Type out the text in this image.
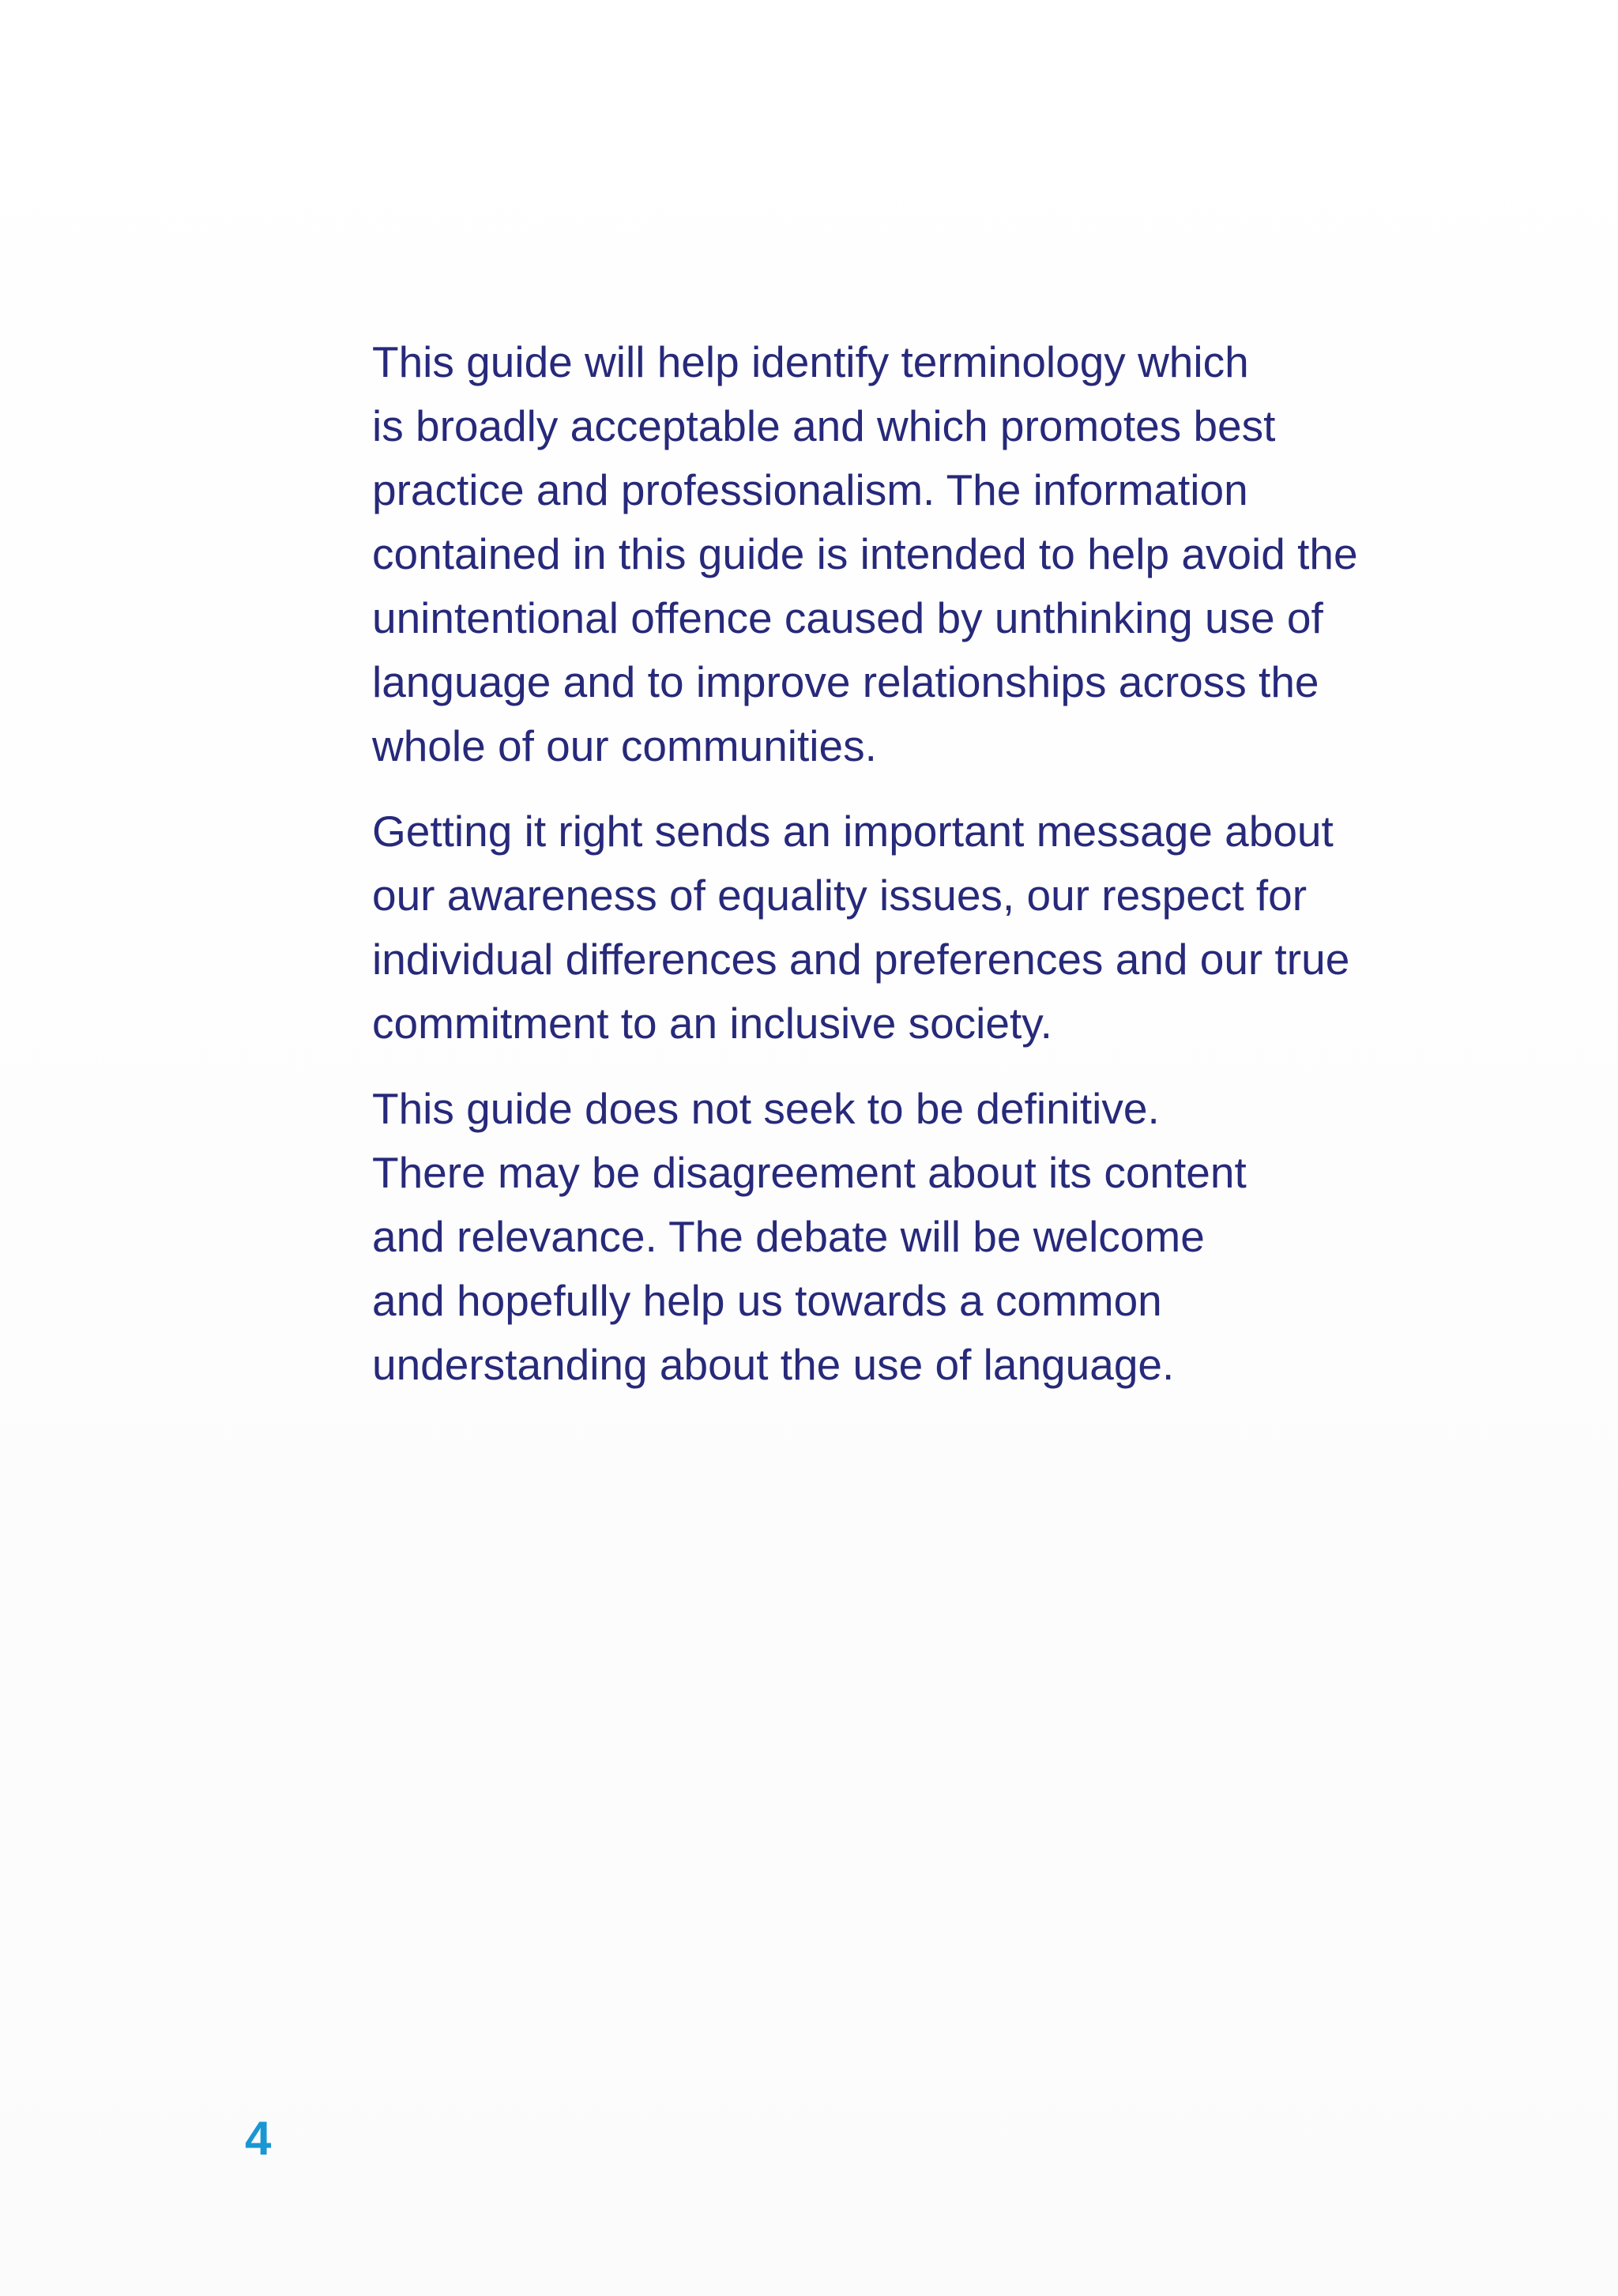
This guide will help identify terminology which
is broadly acceptable and which promotes best
practice and professionalism. The information
contained in this guide is intended to help avoid the
unintentional offence caused by unthinking use of
language and to improve relationships across the
whole of our communities.

Getting it right sends an important message about
our awareness of equality issues, our respect for
individual differences and preferences and our true
commitment to an inclusive society.

This guide does not seek to be definitive.
There may be disagreement about its content
and relevance. The debate will be welcome
and hopefully help us towards a common
understanding about the use of language.

4
